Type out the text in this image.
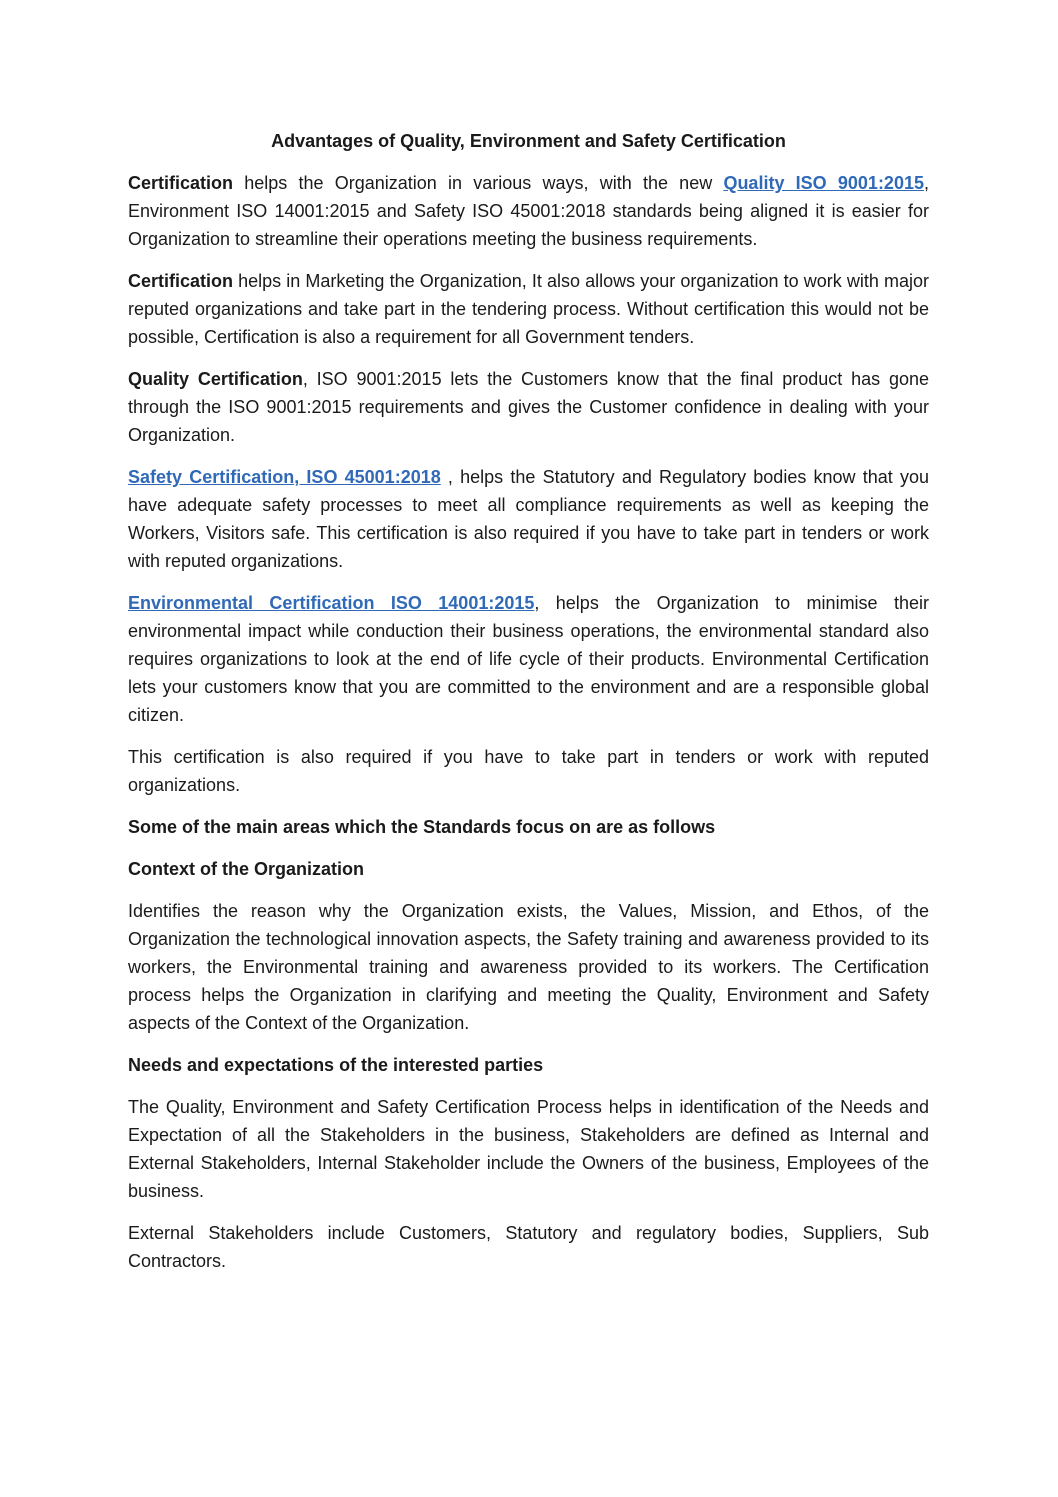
Advantages of Quality, Environment and Safety Certification

Certification helps the Organization in various ways, with the new Quality ISO 9001:2015, Environment ISO 14001:2015 and Safety ISO 45001:2018 standards being aligned it is easier for Organization to streamline their operations meeting the business requirements.

Certification helps in Marketing the Organization, It also allows your organization to work with major reputed organizations and take part in the tendering process. Without certification this would not be possible, Certification is also a requirement for all Government tenders.

Quality Certification, ISO 9001:2015 lets the Customers know that the final product has gone through the ISO 9001:2015 requirements and gives the Customer confidence in dealing with your Organization.

Safety Certification, ISO 45001:2018 , helps the Statutory and Regulatory bodies know that you have adequate safety processes to meet all compliance requirements as well as keeping the Workers, Visitors safe. This certification is also required if you have to take part in tenders or work with reputed organizations.

Environmental Certification ISO 14001:2015, helps the Organization to minimise their environmental impact while conduction their business operations, the environmental standard also requires organizations to look at the end of life cycle of their products. Environmental Certification lets your customers know that you are committed to the environment and are a responsible global citizen.

This certification is also required if you have to take part in tenders or work with reputed organizations.

Some of the main areas which the Standards focus on are as follows
Context of the Organization

Identifies the reason why the Organization exists, the Values, Mission, and Ethos, of the Organization the technological innovation aspects, the Safety training and awareness provided to its workers, the Environmental training and awareness provided to its workers. The Certification process helps the Organization in clarifying and meeting the Quality, Environment and Safety aspects of the Context of the Organization.

Needs and expectations of the interested parties

The Quality, Environment and Safety Certification Process helps in identification of the Needs and Expectation of all the Stakeholders in the business, Stakeholders are defined as Internal and External Stakeholders, Internal Stakeholder include the Owners of the business, Employees of the business.

External Stakeholders include Customers, Statutory and regulatory bodies, Suppliers, Sub Contractors.
